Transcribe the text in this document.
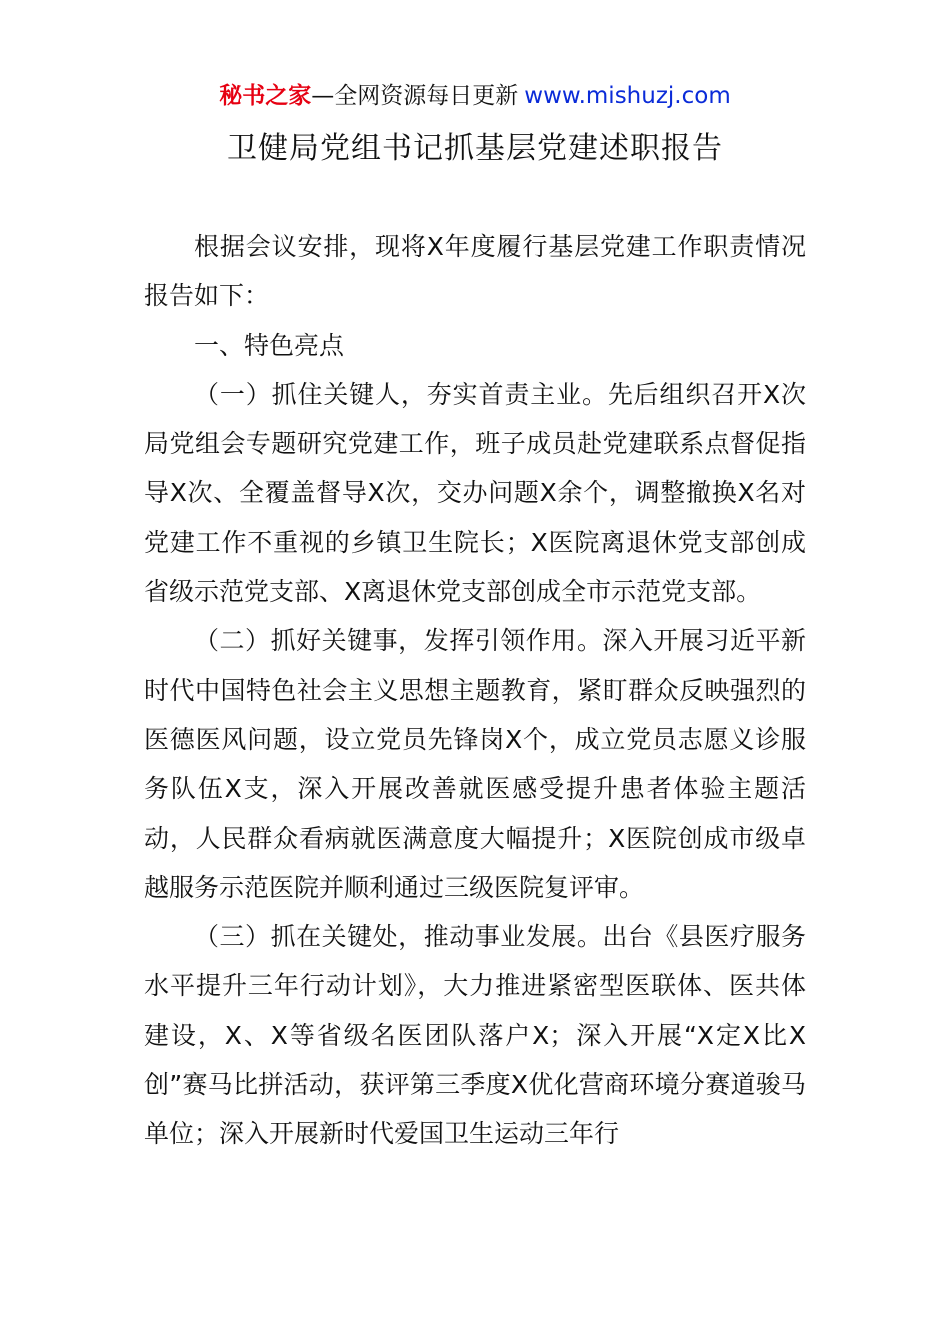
秘书之家—全网资源每日更新 www.mishuzj.com
卫健局党组书记抓基层党建述职报告

根据会议安排，现将X年度履行基层党建工作职责情况报告如下：

一、特色亮点

（一）抓住关键人，夯实首责主业。先后组织召开X次局党组会专题研究党建工作，班子成员赴党建联系点督促指导X次、全覆盖督导X次，交办问题X余个，调整撤换X名对党建工作不重视的乡镇卫生院长；X医院离退休党支部创成省级示范党支部、X离退休党支部创成全市示范党支部。

（二）抓好关键事，发挥引领作用。深入开展习近平新时代中国特色社会主义思想主题教育，紧盯群众反映强烈的医德医风问题，设立党员先锋岗X个，成立党员志愿义诊服务队伍X支，深入开展改善就医感受提升患者体验主题活动，人民群众看病就医满意度大幅提升；X医院创成市级卓越服务示范医院并顺利通过三级医院复评审。

（三）抓在关键处，推动事业发展。出台《县医疗服务水平提升三年行动计划》，大力推进紧密型医联体、医共体建设，X、X等省级名医团队落户X；深入开展“X定X比X创”赛马比拼活动，获评第三季度X优化营商环境分赛道骏马单位；深入开展新时代爱国卫生运动三年行
